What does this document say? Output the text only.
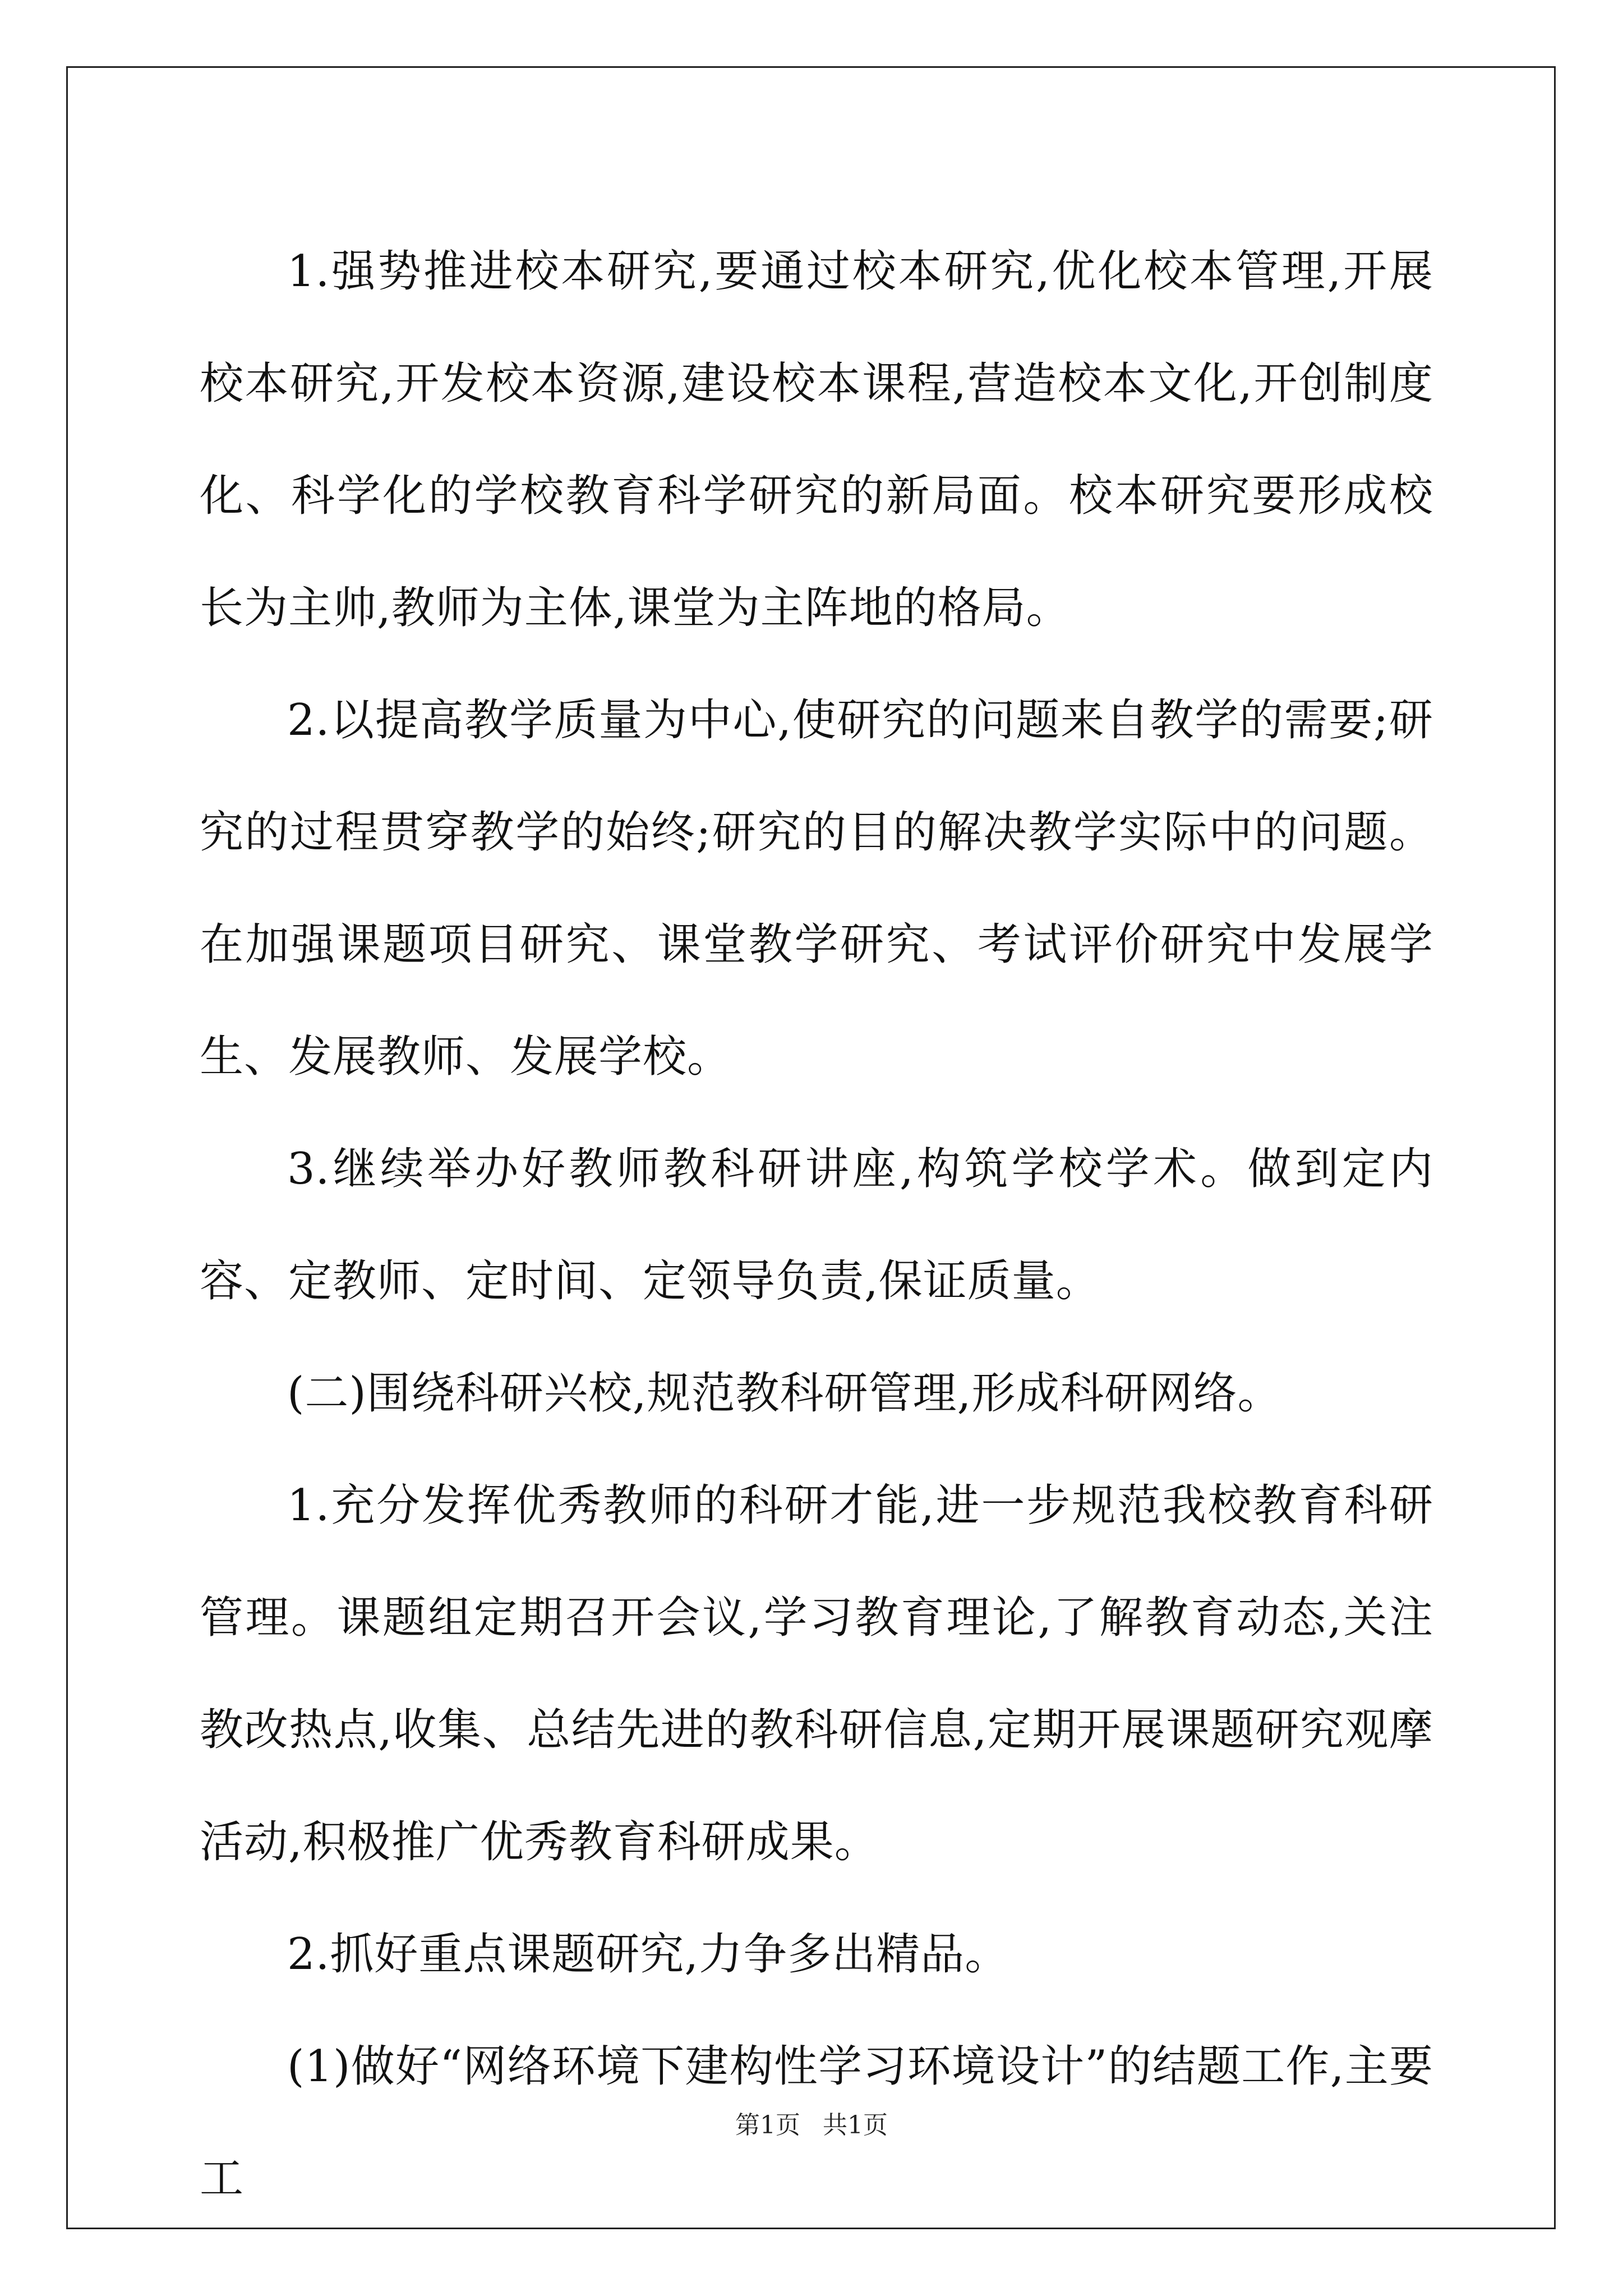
1.强势推进校本研究,要通过校本研究,优化校本管理,开展校本研究,开发校本资源,建设校本课程,营造校本文化,开创制度化、科学化的学校教育科学研究的新局面。校本研究要形成校长为主帅,教师为主体,课堂为主阵地的格局。

2.以提高教学质量为中心,使研究的问题来自教学的需要;研究的过程贯穿教学的始终;研究的目的解决教学实际中的问题。在加强课题项目研究、课堂教学研究、考试评价研究中发展学生、发展教师、发展学校。

3.继续举办好教师教科研讲座,构筑学校学术。做到定内容、定教师、定时间、定领导负责,保证质量。

(二)围绕科研兴校,规范教科研管理,形成科研网络。

1.充分发挥优秀教师的科研才能,进一步规范我校教育科研管理。课题组定期召开会议,学习教育理论,了解教育动态,关注教改热点,收集、总结先进的教科研信息,定期开展课题研究观摩活动,积极推广优秀教育科研成果。

2.抓好重点课题研究,力争多出精品。

(1)做好“网络环境下建构性学习环境设计”的结题工作,主要工

第1页 共1页
